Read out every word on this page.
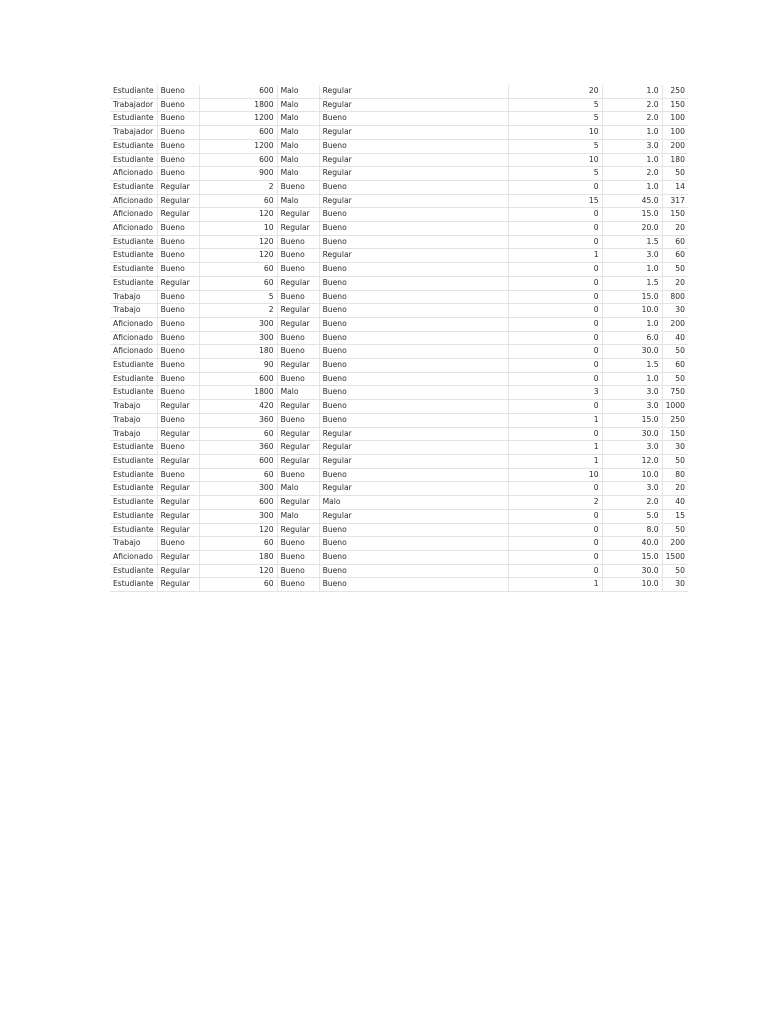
Estudiante	Bueno	600	Malo	Regular	20	1.0	250
Trabajador	Bueno	1800	Malo	Regular	5	2.0	150
Estudiante	Bueno	1200	Malo	Bueno	5	2.0	100
Trabajador	Bueno	600	Malo	Regular	10	1.0	100
Estudiante	Bueno	1200	Malo	Bueno	5	3.0	200
Estudiante	Bueno	600	Malo	Regular	10	1.0	180
Aficionado	Bueno	900	Malo	Regular	5	2.0	50
Estudiante	Regular	2	Bueno	Bueno	0	1.0	14
Aficionado	Regular	60	Malo	Regular	15	45.0	317
Aficionado	Regular	120	Regular	Bueno	0	15.0	150
Aficionado	Bueno	10	Regular	Bueno	0	20.0	20
Estudiante	Bueno	120	Bueno	Bueno	0	1.5	60
Estudiante	Bueno	120	Bueno	Regular	1	3.0	60
Estudiante	Bueno	60	Bueno	Bueno	0	1.0	50
Estudiante	Regular	60	Regular	Bueno	0	1.5	20
Trabajo	Bueno	5	Bueno	Bueno	0	15.0	800
Trabajo	Bueno	2	Regular	Bueno	0	10.0	30
Aficionado	Bueno	300	Regular	Bueno	0	1.0	200
Aficionado	Bueno	300	Bueno	Bueno	0	6.0	40
Aficionado	Bueno	180	Bueno	Bueno	0	30.0	50
Estudiante	Bueno	90	Regular	Bueno	0	1.5	60
Estudiante	Bueno	600	Bueno	Bueno	0	1.0	50
Estudiante	Bueno	1800	Malo	Bueno	3	3.0	750
Trabajo	Regular	420	Regular	Bueno	0	3.0	1000
Trabajo	Bueno	360	Bueno	Bueno	1	15.0	250
Trabajo	Regular	60	Regular	Regular	0	30.0	150
Estudiante	Bueno	360	Regular	Regular	1	3.0	30
Estudiante	Regular	600	Regular	Regular	1	12.0	50
Estudiante	Bueno	60	Bueno	Bueno	10	10.0	80
Estudiante	Regular	300	Malo	Regular	0	3.0	20
Estudiante	Regular	600	Regular	Malo	2	2.0	40
Estudiante	Regular	300	Malo	Regular	0	5.0	15
Estudiante	Regular	120	Regular	Bueno	0	8.0	50
Trabajo	Bueno	60	Bueno	Bueno	0	40.0	200
Aficionado	Regular	180	Bueno	Bueno	0	15.0	1500
Estudiante	Regular	120	Bueno	Bueno	0	30.0	50
Estudiante	Regular	60	Bueno	Bueno	1	10.0	30
